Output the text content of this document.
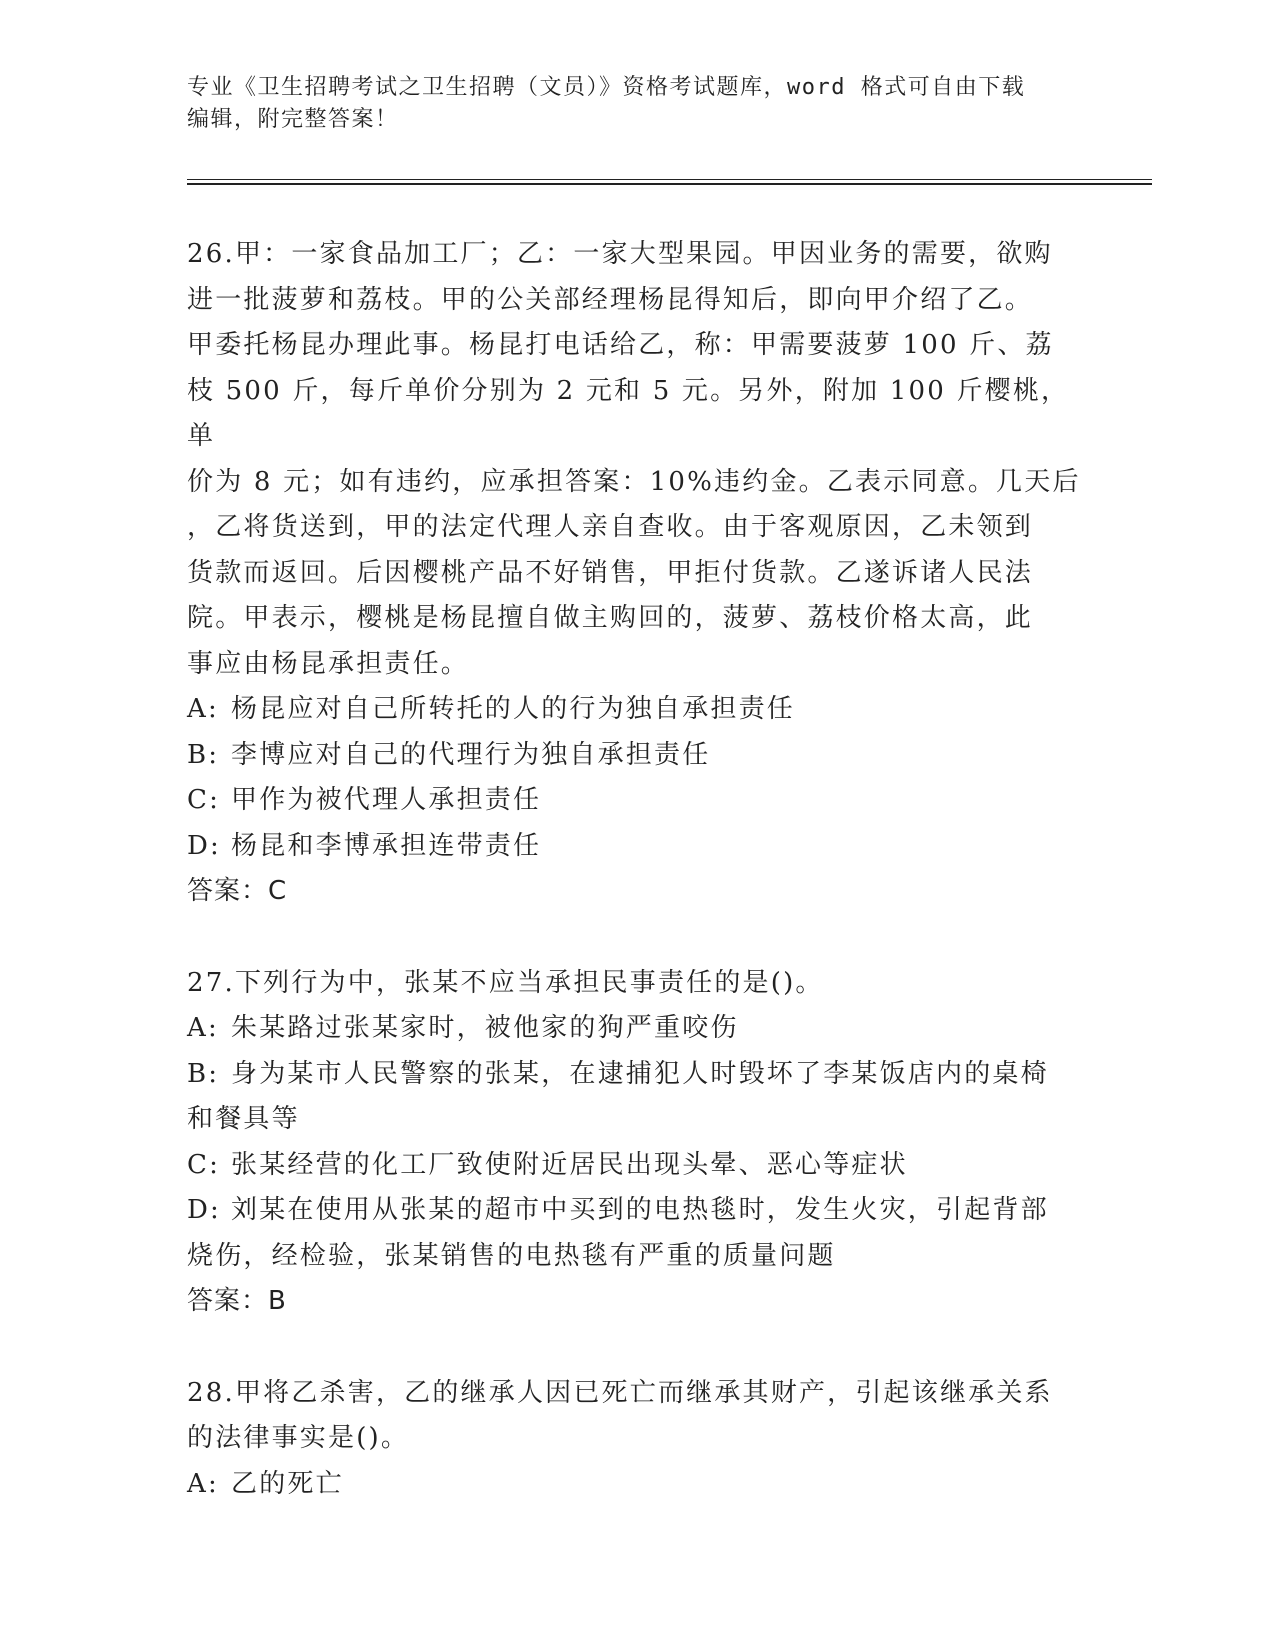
专业《卫生招聘考试之卫生招聘（文员）》资格考试题库，word 格式可自由下载
编辑，附完整答案！
26.甲：一家食品加工厂；乙：一家大型果园。甲因业务的需要，欲购
进一批菠萝和荔枝。甲的公关部经理杨昆得知后，即向甲介绍了乙。
甲委托杨昆办理此事。杨昆打电话给乙，称：甲需要菠萝 100 斤、荔
枝 500 斤，每斤单价分别为 2 元和 5 元。另外，附加 100 斤樱桃，单
价为 8 元；如有违约，应承担答案：10%违约金。乙表示同意。几天后
，乙将货送到，甲的法定代理人亲自查收。由于客观原因，乙未领到
货款而返回。后因樱桃产品不好销售，甲拒付货款。乙遂诉诸人民法
院。甲表示，樱桃是杨昆擅自做主购回的，菠萝、荔枝价格太高，此
事应由杨昆承担责任。
A: 杨昆应对自己所转托的人的行为独自承担责任
B: 李博应对自己的代理行为独自承担责任
C: 甲作为被代理人承担责任
D: 杨昆和李博承担连带责任
答案：C
27.下列行为中，张某不应当承担民事责任的是()。
A: 朱某路过张某家时，被他家的狗严重咬伤
B: 身为某市人民警察的张某，在逮捕犯人时毁坏了李某饭店内的桌椅
和餐具等
C: 张某经营的化工厂致使附近居民出现头晕、恶心等症状
D: 刘某在使用从张某的超市中买到的电热毯时，发生火灾，引起背部
烧伤，经检验，张某销售的电热毯有严重的质量问题
答案：B
28.甲将乙杀害，乙的继承人因已死亡而继承其财产，引起该继承关系
的法律事实是()。
A: 乙的死亡
